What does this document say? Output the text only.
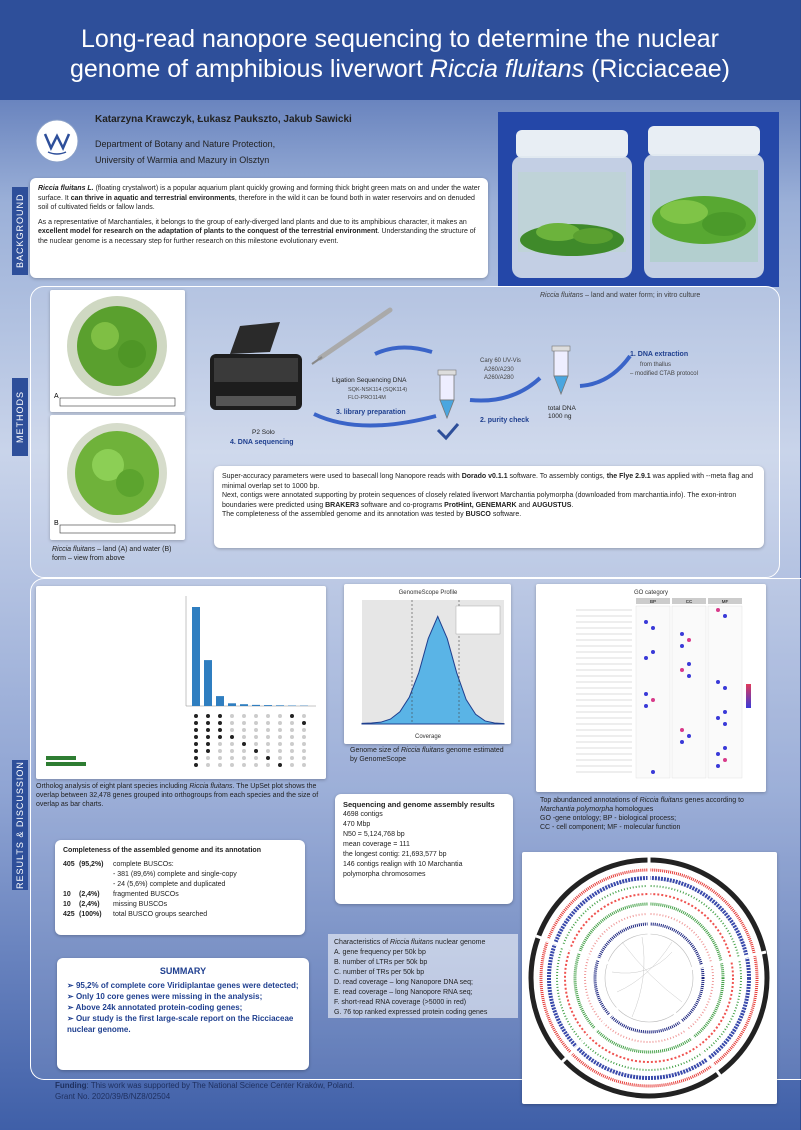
Long-read nanopore sequencing to determine the nuclear
genome of amphibious liverwort Riccia fluitans (Ricciaceae)
Katarzyna Krawczyk, Łukasz Paukszto, Jakub Sawicki
Department of Botany and Nature Protection,
University of Warmia and Mazury in Olsztyn
BACKGROUND
Riccia fluitans L. (floating crystalwort) is a popular aquarium plant quickly growing and forming thick bright green mats on and under the water surface. It can thrive in aquatic and terrestrial environments, therefore in the wild it can be found both in water reservoirs and on denuded soil of cultivated fields or fallow lands.
As a representative of Marchantiales, it belongs to the group of early-diverged land plants and due to its amphibious character, it makes an excellent model for research on the adaptation of plants to the conquest of the terrestrial environment. Understanding the structure of the nuclear genome is a necessary step for further research on this milestone evolutionary event.
Riccia fluitans – land and water form; in vitro culture
METHODS	A
B
Riccia fluitans – land (A) and water (B) form – view from above
1. DNA extraction
from thallus
– modified CTAB protocol
total DNA
1000 ng
Cary 60 UV-Vis
A260/A230
A260/A280
2. purity check
Ligation Sequencing DNA
SQK-NSK114 (SQK114)
FLO-PRO114M
3. library preparation
P2 Solo
4. DNA sequencing
Super-accuracy parameters were used to basecall long Nanopore reads with Dorado v0.1.1 software. To assembly contigs, the Flye 2.9.1 was applied with --meta flag and minimal overlap set to 1000 bp.
Next, contigs were annotated supporting by protein sequences of closely related liverwort Marchantia polymorpha (downloaded from marchantia.info). The exon-intron boundaries were predicted using BRAKER3 software and co-programs ProtHint, GENEMARK and AUGUSTUS.
The completeness of the assembled genome and its annotation was tested by BUSCO software.
RESULTS & DISCUSSION	Ortholog analysis of eight plant species including Riccia fluitans. The UpSet plot shows the overlap between 32,478 genes grouped into orthogroups from each species and the size of overlap as bar charts.
GenomeScope Profile
Coverage
Genome size of Riccia fluitans genome estimated by GenomeScope
GO category
BP	CC	MF
Top abundanced annotations of Riccia fluitans genes according to Marchantia polymorpha homologues
GO -gene ontology; BP - biological process;
CC - cell component; MF - molecular function
Sequencing and genome assembly results
4698 contigs
470 Mbp
N50 = 5,124,768 bp
mean coverage = 111
the longest contig: 21,693,577 bp
146 contigs realign with 10 Marchantia
polymorpha chromosomes
Completeness of the assembled genome and its annotation
405 (95,2%) complete BUSCOs:
- 381 (89,6%) complete and single-copy
- 24 (5,6%) complete and duplicated
10 (2,4%) fragmented BUSCOs
10 (2,4%) missing BUSCOs
425 (100%) total BUSCO groups searched
Characteristics of Riccia fluitans nuclear genome
A. gene frequency per 50k bp
B. number of LTRs per 50k bp
C. number of TRs per 50k bp
D. read coverage – long Nanopore DNA seq;
E. read coverage – long Nanopore RNA seq;
F. short-read RNA coverage (>5000 in red)
G. 76 top ranked expressed protein coding genes
SUMMARY
➢ 95,2% of complete core Viridiplantae genes were detected;
➢ Only 10 core genes were missing in the analysis;
➢ Above 24k annotated protein-coding genes;
➢ Our study is the first large-scale report on the Ricciaceae nuclear genome.
Funding: This work was supported by The National Science Center Kraków, Poland.
Grant No. 2020/39/B/NZ8/02504
